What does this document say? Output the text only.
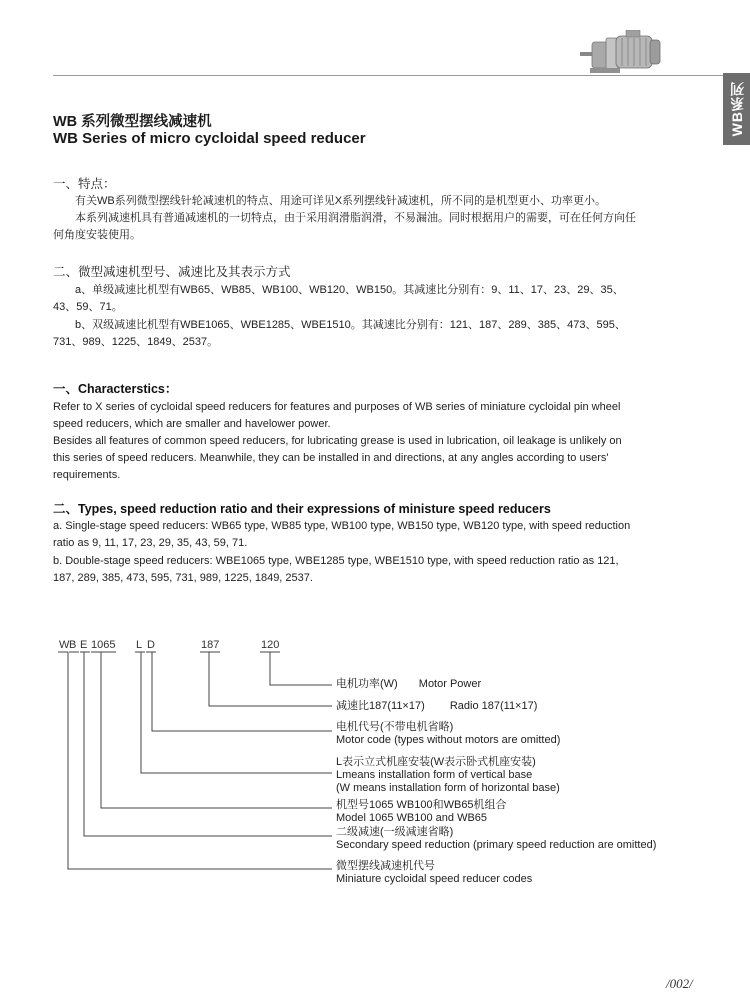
WB系列
WB 系列微型摆线减速机
WB Series of micro cycloidal speed reducer
一、特点：

有关WB系列微型摆线针轮减速机的特点、用途可详见X系列摆线针减速机，所不同的是机型更小、功率更小。

本系列减速机具有普通减速机的一切特点，由于采用润滑脂润滑，不易漏油。同时根据用户的需要，可在任何方向任何角度安装使用。

二、微型减速机型号、减速比及其表示方式

a、单级减速比机型有WB65、WB85、WB100、WB120、WB150。其减速比分别有：9、11、17、23、29、35、43、59、71。

b、双级减速比机型有WBE1065、WBE1285、WBE1510。其减速比分别有：121、187、289、385、473、595、731、989、1225、1849、2537。

一、Characterstics：

Refer to X series of cycloidal speed reducers for features and purposes of WB series of miniature cycloidal pin wheel speed reducers, which are smaller and havelower power.

Besides all features of common speed reducers, for lubricating grease is used in lubrication, oil leakage is unlikely on this series of speed reducers. Meanwhile, they can be installed in and directions, at any angles according to users' requirements.

二、Types, speed reduction ratio and their expressions of ministure speed reducers

a. Single-stage speed reducers: WB65 type, WB85 type, WB100 type, WB150 type, WB120 type, with speed reduction ratio as 9, 11, 17, 23, 29, 35, 43, 59, 71.

b. Double-stage speed reducers: WBE1065 type, WBE1285 type, WBE1510 type, with speed reduction ratio as 121, 187, 289, 385, 473, 595, 731, 989, 1225, 1849, 2537.

W B E 1065 L D	187	120
电机功率(W) Motor Power
减速比187(11×17) Radio 187(11×17)
电机代号(不带电机省略)
Motor code (types without motors are omitted)
L表示立式机座安装(W表示卧式机座安装)
Lmeans installation form of vertical base
(W means installation form of horizontal base)
机型号1065 WB100和WB65机组合
Model 1065 WB100 and WB65
二级减速(一级减速省略)
Secondary speed reduction (primary speed reduction are omitted)
微型摆线减速机代号
Miniature cycloidal speed reducer codes
/002/
